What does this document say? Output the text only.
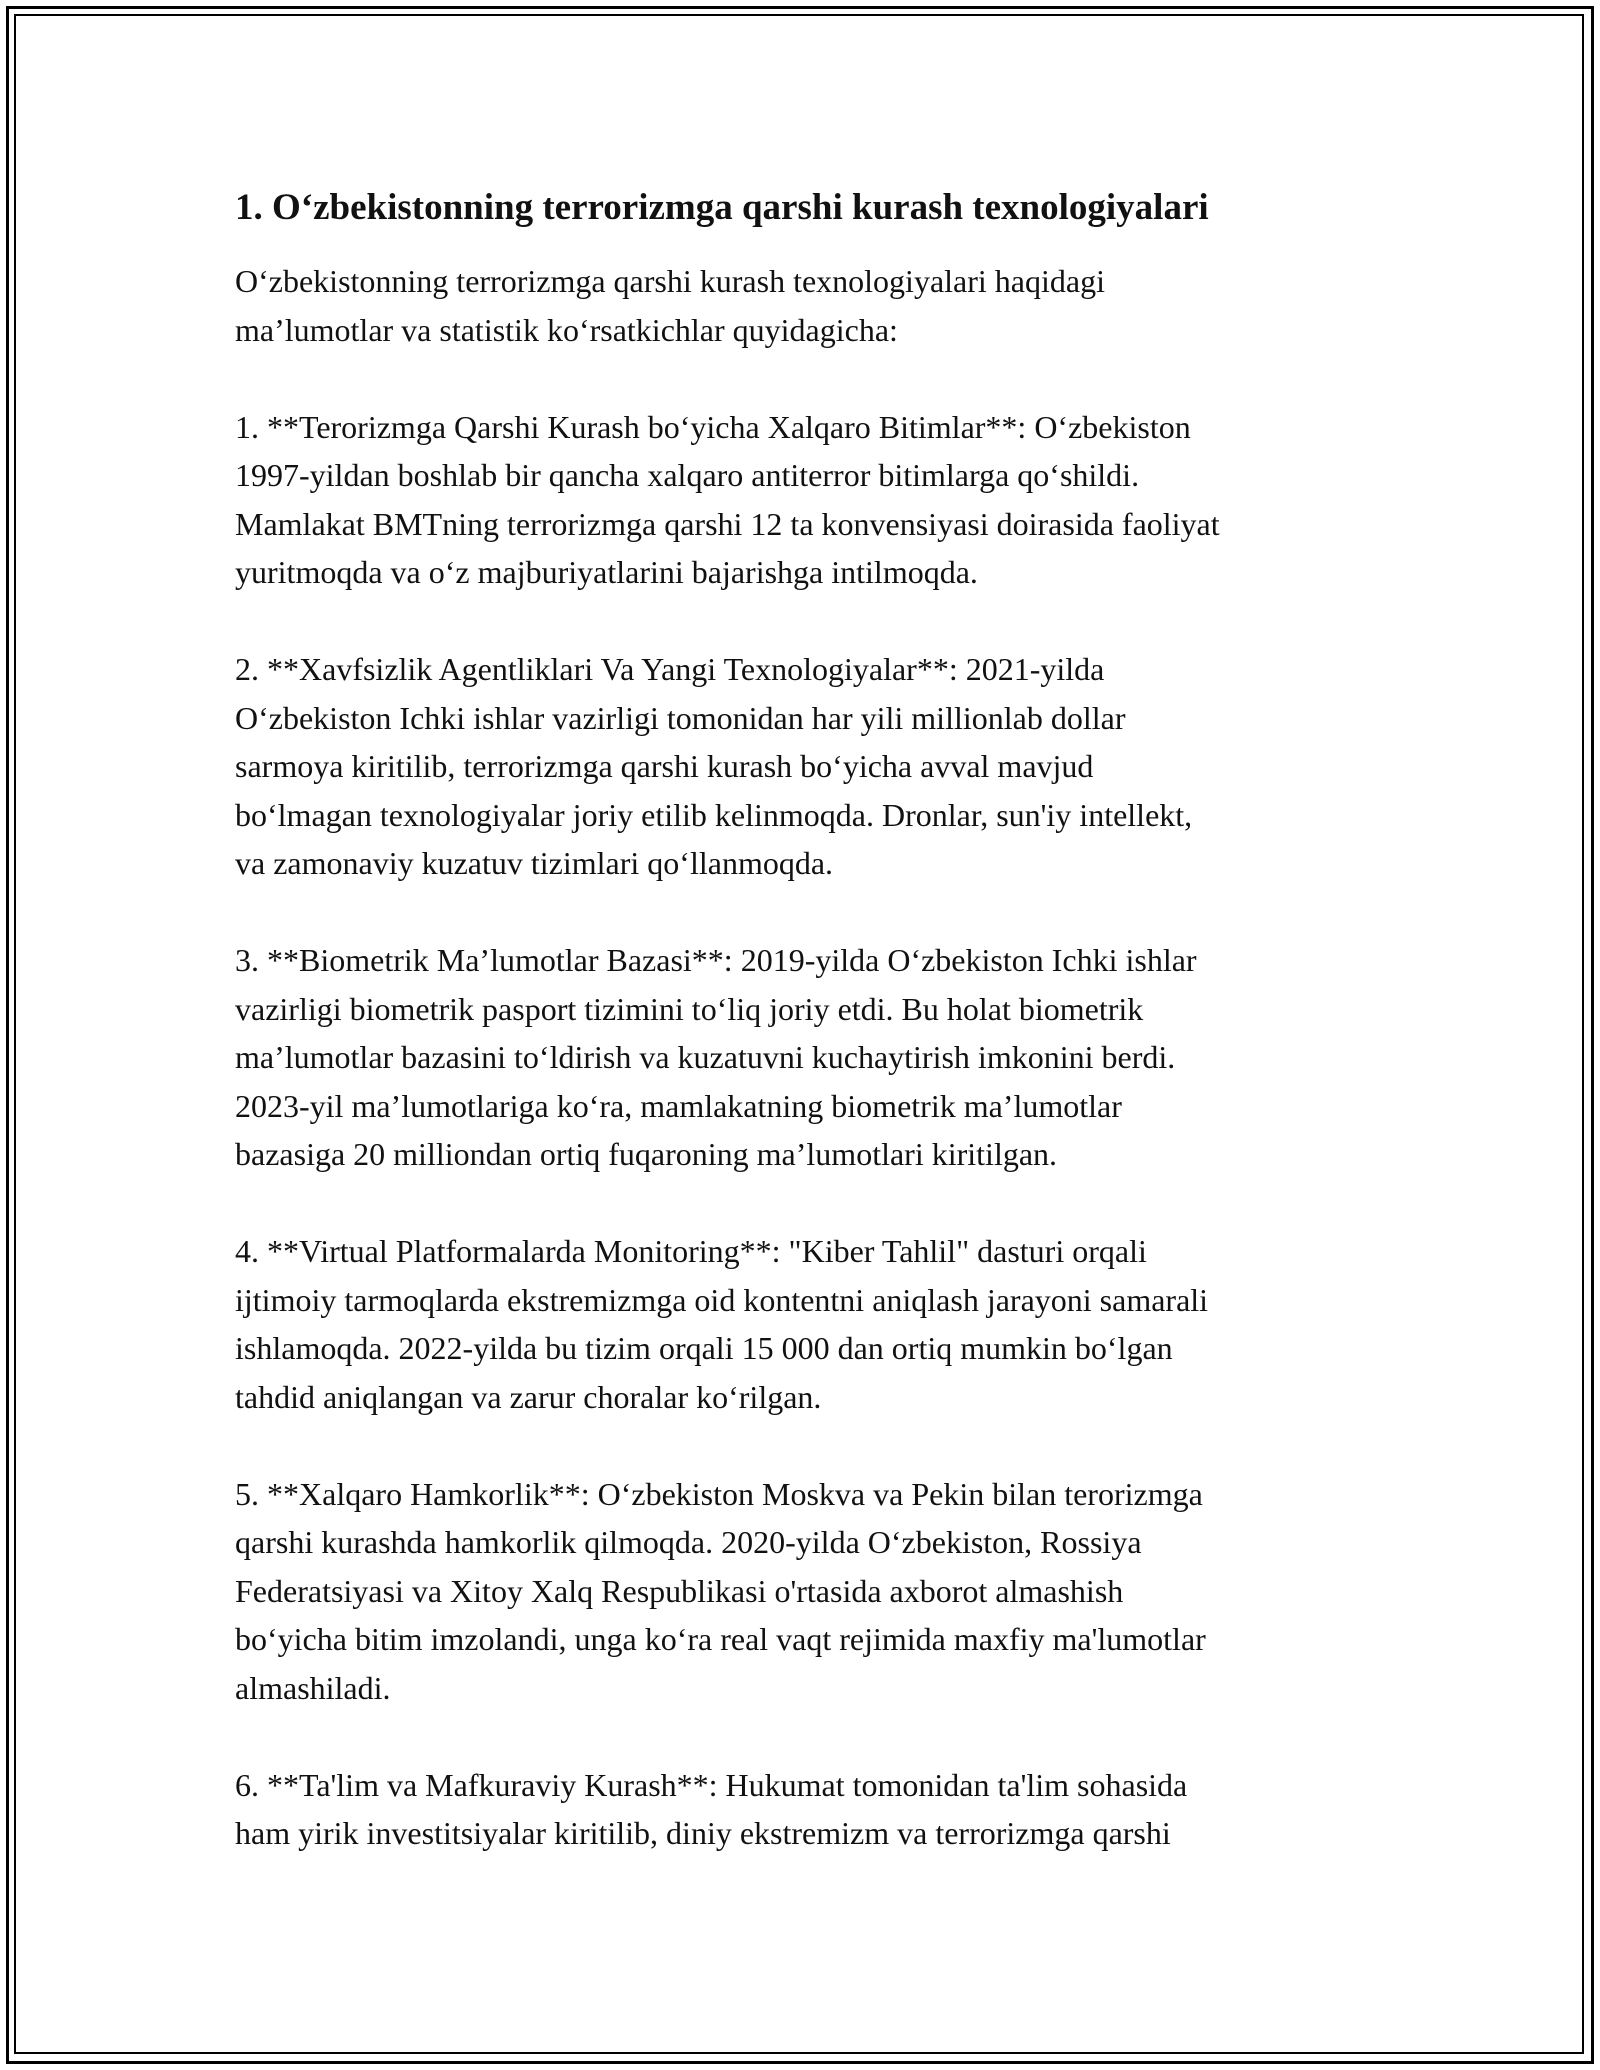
1. O‘zbekistonning terrorizmga qarshi kurash texnologiyalari

O‘zbekistonning terrorizmga qarshi kurash texnologiyalari haqidagi
ma’lumotlar va statistik ko‘rsatkichlar quyidagicha:

1. **Terorizmga Qarshi Kurash bo‘yicha Xalqaro Bitimlar**: O‘zbekiston
1997-yildan boshlab bir qancha xalqaro antiterror bitimlarga qo‘shildi.
Mamlakat BMTning terrorizmga qarshi 12 ta konvensiyasi doirasida faoliyat
yuritmoqda va o‘z majburiyatlarini bajarishga intilmoqda.

2. **Xavfsizlik Agentliklari Va Yangi Texnologiyalar**: 2021-yilda
O‘zbekiston Ichki ishlar vazirligi tomonidan har yili millionlab dollar
sarmoya kiritilib, terrorizmga qarshi kurash bo‘yicha avval mavjud
bo‘lmagan texnologiyalar joriy etilib kelinmoqda. Dronlar, sun'iy intellekt,
va zamonaviy kuzatuv tizimlari qo‘llanmoqda.

3. **Biometrik Ma’lumotlar Bazasi**: 2019-yilda O‘zbekiston Ichki ishlar
vazirligi biometrik pasport tizimini to‘liq joriy etdi. Bu holat biometrik
ma’lumotlar bazasini to‘ldirish va kuzatuvni kuchaytirish imkonini berdi.
2023-yil ma’lumotlariga ko‘ra, mamlakatning biometrik ma’lumotlar
bazasiga 20 milliondan ortiq fuqaroning ma’lumotlari kiritilgan.

4. **Virtual Platformalarda Monitoring**: "Kiber Tahlil" dasturi orqali
ijtimoiy tarmoqlarda ekstremizmga oid kontentni aniqlash jarayoni samarali
ishlamoqda. 2022-yilda bu tizim orqali 15 000 dan ortiq mumkin bo‘lgan
tahdid aniqlangan va zarur choralar ko‘rilgan.

5. **Xalqaro Hamkorlik**: O‘zbekiston Moskva va Pekin bilan terorizmga
qarshi kurashda hamkorlik qilmoqda. 2020-yilda O‘zbekiston, Rossiya
Federatsiyasi va Xitoy Xalq Respublikasi o'rtasida axborot almashish
bo‘yicha bitim imzolandi, unga ko‘ra real vaqt rejimida maxfiy ma'lumotlar
almashiladi.

6. **Ta'lim va Mafkuraviy Kurash**: Hukumat tomonidan ta'lim sohasida
ham yirik investitsiyalar kiritilib, diniy ekstremizm va terrorizmga qarshi
